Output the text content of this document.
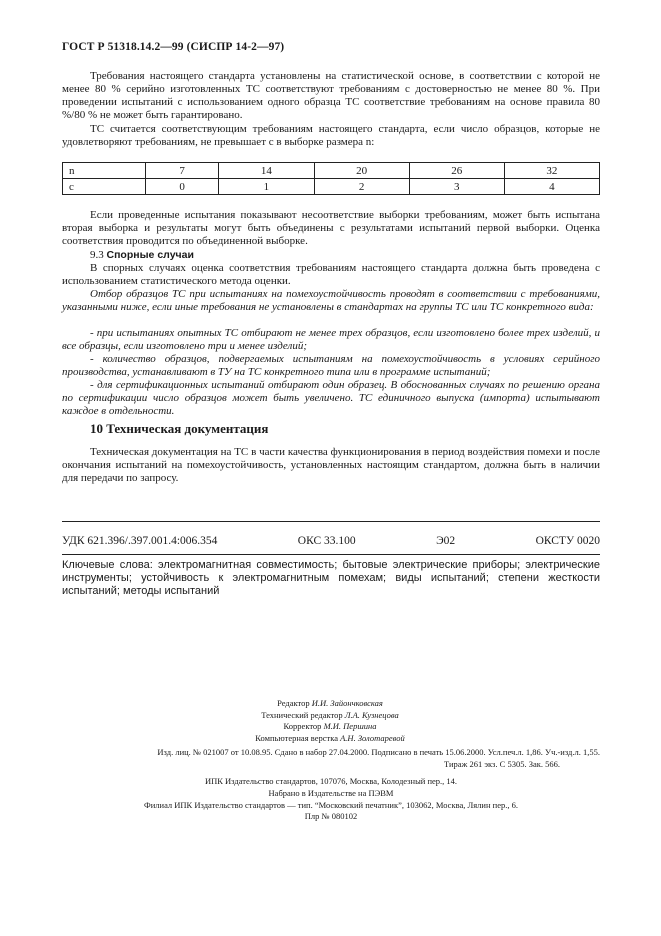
ГОСТ Р 51318.14.2—99 (СИСПР 14-2—97)

Требования настоящего стандарта установлены на статистической основе, в соответствии с которой не менее 80 % серийно изготовленных ТС соответствуют требованиям с достоверностью не менее 80 %. При проведении испытаний с использованием одного образца ТС соответствие требованиям на основе правила 80 %/80 % не может быть гарантировано.

ТС считается соответствующим требованиям настоящего стандарта, если число образцов, которые не удовлетворяют требованиям, не превышает с в выборке размера n:

n	7	14	20	26	32
c	0	1	2	3	4

Если проведенные испытания показывают несоответствие выборки требованиям, может быть испытана вторая выборка и результаты могут быть объединены с результатами испытаний первой выборки. Оценка соответствия проводится по объединенной выборке.

9.3 Спорные случаи

В спорных случаях оценка соответствия требованиям настоящего стандарта должна быть проведена с использованием статистического метода оценки.

Отбор образцов ТС при испытаниях на помехоустойчивость проводят в соответствии с требованиями, указанными ниже, если иные требования не установлены в стандартах на группы ТС или ТС конкретного вида:

- при испытаниях опытных ТС отбирают не менее трех образцов, если изготовлено более трех изделий, и все образцы, если изготовлено три и менее изделий;

- количество образцов, подвергаемых испытаниям на помехоустойчивость в условиях серийного производства, устанавливают в ТУ на ТС конкретного типа или в программе испытаний;

- для сертификационных испытаний отбирают один образец. В обоснованных случаях по решению органа по сертификации число образцов может быть увеличено. ТС единичного выпуска (импорта) испытывают каждое в отдельности.

10 Техническая документация

Техническая документация на ТС в части качества функционирования в период воздействия помехи и после окончания испытаний на помехоустойчивость, установленных настоящим стандартом, должна быть в наличии для передачи по запросу.

УДК 621.396/.397.001.4:006.354	ОКС 33.100	Э02	ОКСТУ 0020
Ключевые слова: электромагнитная совместимость; бытовые электрические приборы; электрические инструменты; устойчивость к электромагнитным помехам; виды испытаний; степени жесткости испытаний; методы испытаний
Редактор И.И. Зайончковская
Технический редактор Л.А. Кузнецова
Корректор М.И. Першина
Компьютерная верстка А.Н. Золотаревой
Изд. лиц. № 021007 от 10.08.95. Сдано в набор 27.04.2000. Подписано в печать 15.06.2000. Усл.печ.л. 1,86. Уч.-изд.л. 1,55.
Тираж 261 экз. С 5305. Зак. 566.
ИПК Издательство стандартов, 107076, Москва, Колодезный пер., 14.
Набрано в Издательстве на ПЭВМ
Филиал ИПК Издательство стандартов — тип. “Московский печатник”, 103062, Москва, Лялин пер., 6.
Плр № 080102
